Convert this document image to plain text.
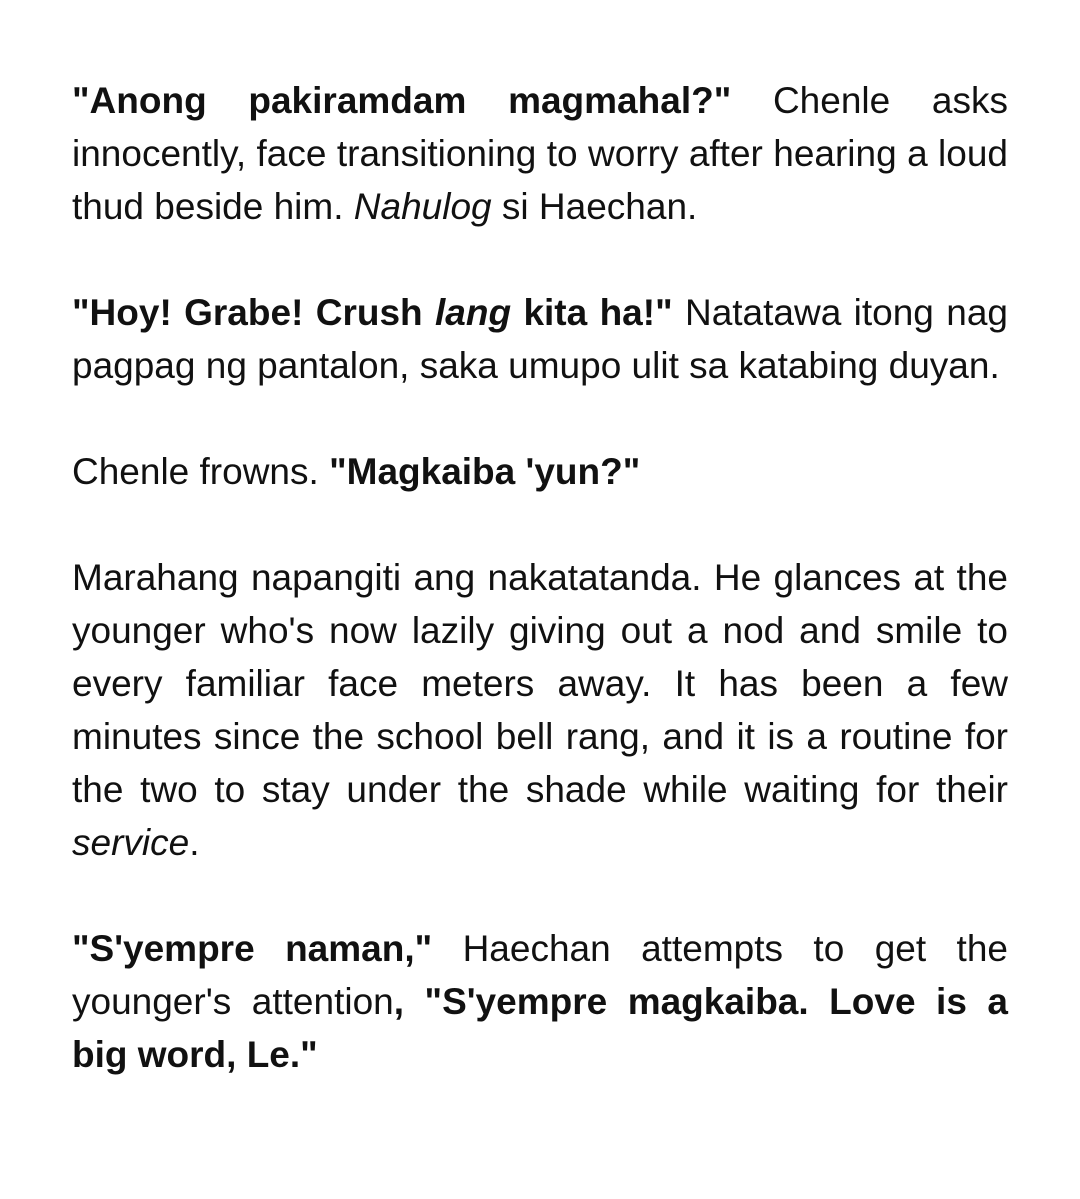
"Anong pakiramdam magmahal?" Chenle asks innocently, face transitioning to worry after hearing a loud thud beside him. Nahulog si Haechan.

"Hoy! Grabe! Crush lang kita ha!" Natatawa itong nag pagpag ng pantalon, saka umupo ulit sa katabing duyan.

Chenle frowns. "Magkaiba 'yun?"

Marahang napangiti ang nakatatanda. He glances at the younger who's now lazily giving out a nod and smile to every familiar face meters away. It has been a few minutes since the school bell rang, and it is a routine for the two to stay under the shade while waiting for their service.

"S'yempre naman," Haechan attempts to get the younger's attention, "S'yempre magkaiba. Love is a big word, Le."
